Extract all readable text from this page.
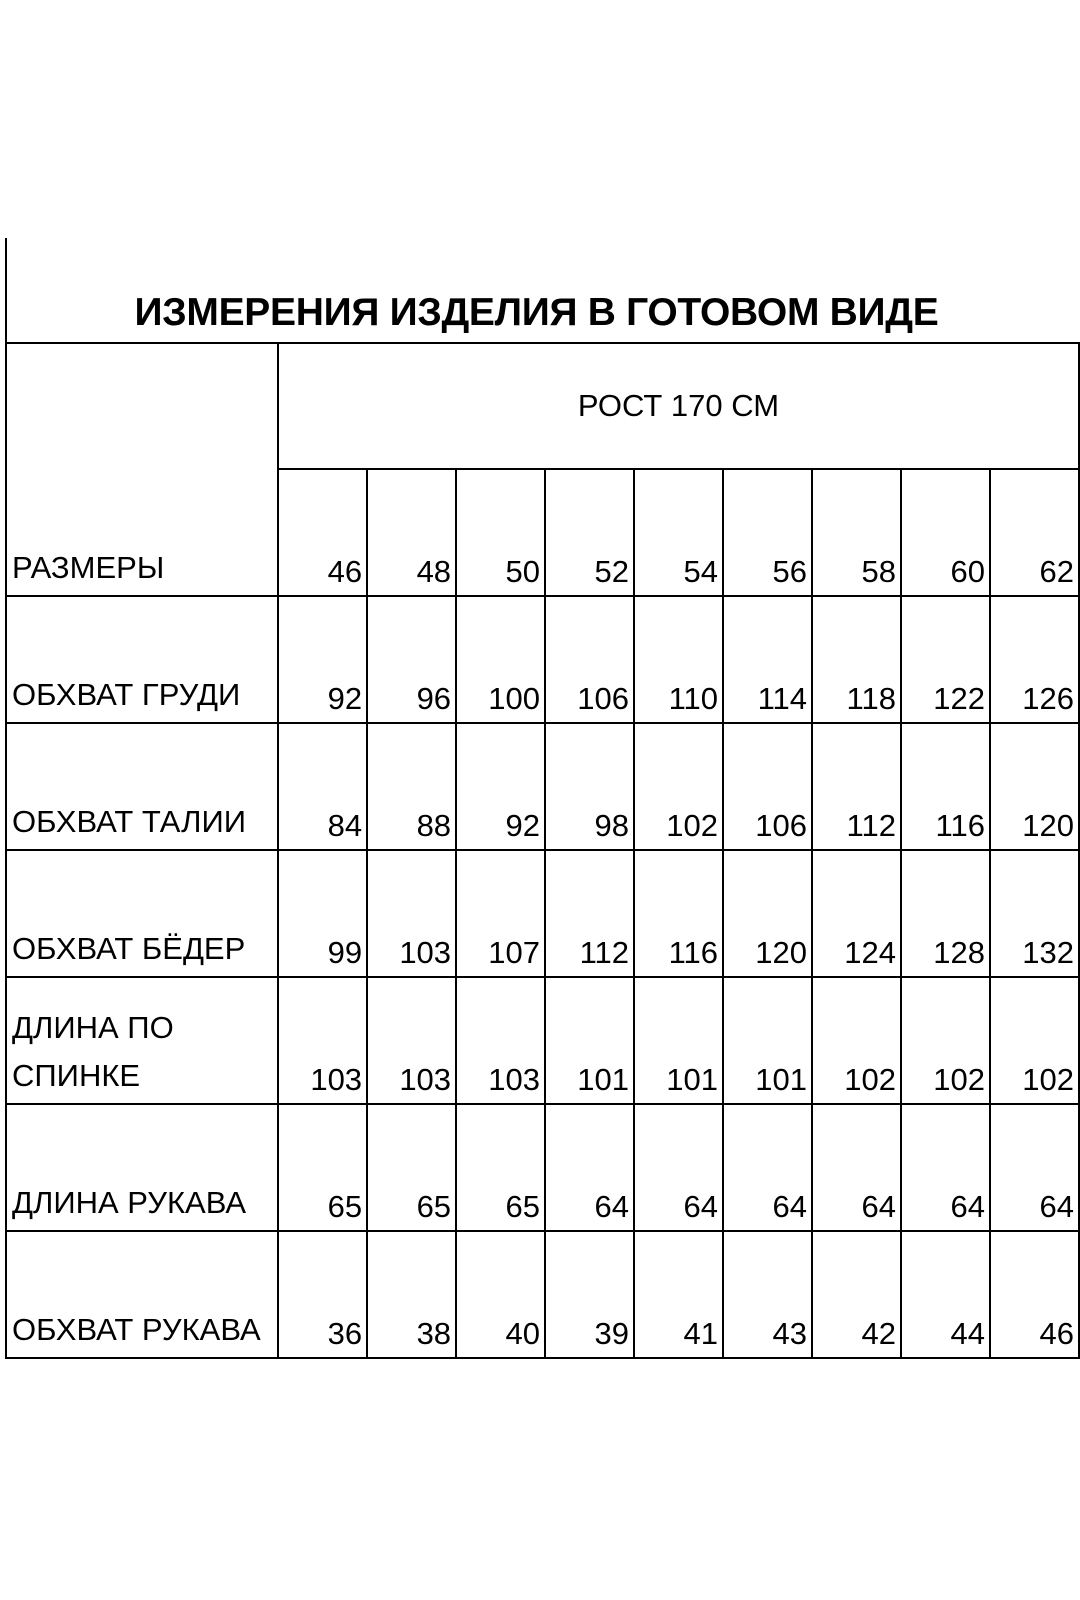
ИЗМЕРЕНИЯ ИЗДЕЛИЯ В ГОТОВОМ ВИДЕ
	РОСТ 170 СМ								
РАЗМЕРЫ	46	48	50	52	54	56	58	60	62
ОБХВАТ ГРУДИ	92	96	100	106	110	114	118	122	126
ОБХВАТ ТАЛИИ	84	88	92	98	102	106	112	116	120
ОБХВАТ БЁДЕР	99	103	107	112	116	120	124	128	132
ДЛИНА ПО СПИНКЕ	103	103	103	101	101	101	102	102	102
ДЛИНА РУКАВА	65	65	65	64	64	64	64	64	64
ОБХВАТ РУКАВА	36	38	40	39	41	43	42	44	46
